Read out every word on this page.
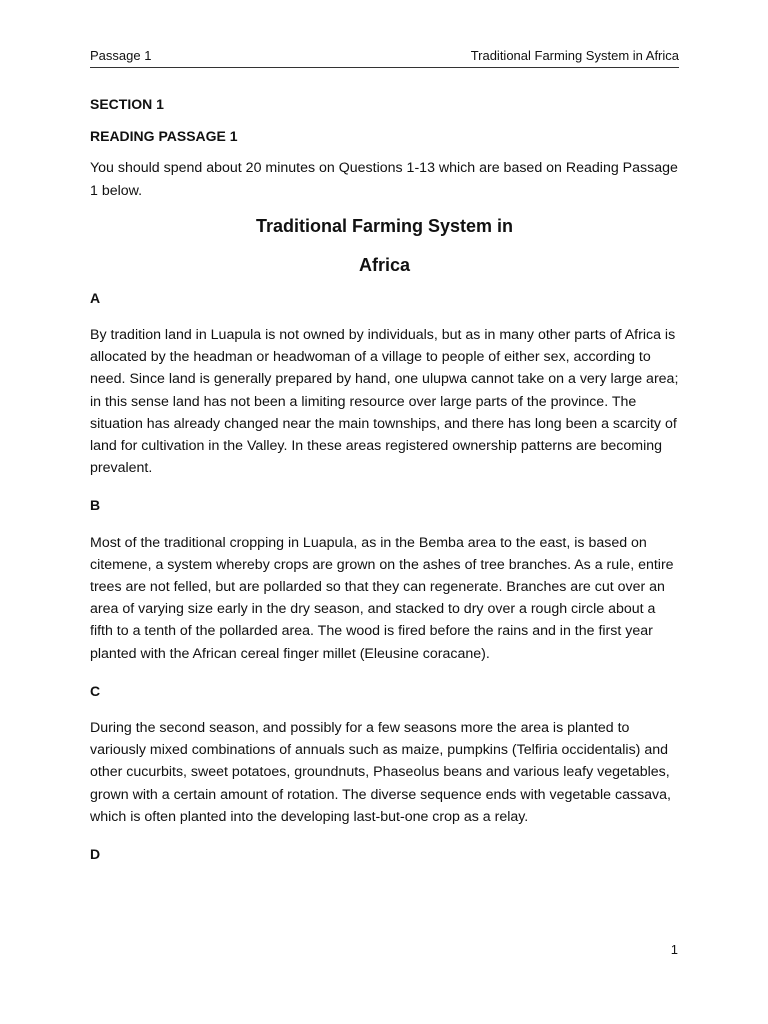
Passage 1	Traditional Farming System in Africa

SECTION 1

READING PASSAGE 1

You should spend about 20 minutes on Questions 1-13 which are based on Reading Passage 1 below.

Traditional Farming System in

Africa

A

By tradition land in Luapula is not owned by individuals, but as in many other parts of Africa is allocated by the headman or headwoman of a village to people of either sex, according to need. Since land is generally prepared by hand, one ulupwa cannot take on a very large area; in this sense land has not been a limiting resource over large parts of the province. The situation has already changed near the main townships, and there has long been a scarcity of land for cultivation in the Valley. In these areas registered ownership patterns are becoming prevalent.

B

Most of the traditional cropping in Luapula, as in the Bemba area to the east, is based on citemene, a system whereby crops are grown on the ashes of tree branches. As a rule, entire trees are not felled, but are pollarded so that they can regenerate. Branches are cut over an area of varying size early in the dry season, and stacked to dry over a rough circle about a fifth to a tenth of the pollarded area. The wood is fired before the rains and in the first year planted with the African cereal finger millet (Eleusine coracane).

C

During the second season, and possibly for a few seasons more the area is planted to variously mixed combinations of annuals such as maize, pumpkins (Telfiria occidentalis) and other cucurbits, sweet potatoes, groundnuts, Phaseolus beans and various leafy vegetables, grown with a certain amount of rotation. The diverse sequence ends with vegetable cassava, which is often planted into the developing last-but-one crop as a relay.

D

1
